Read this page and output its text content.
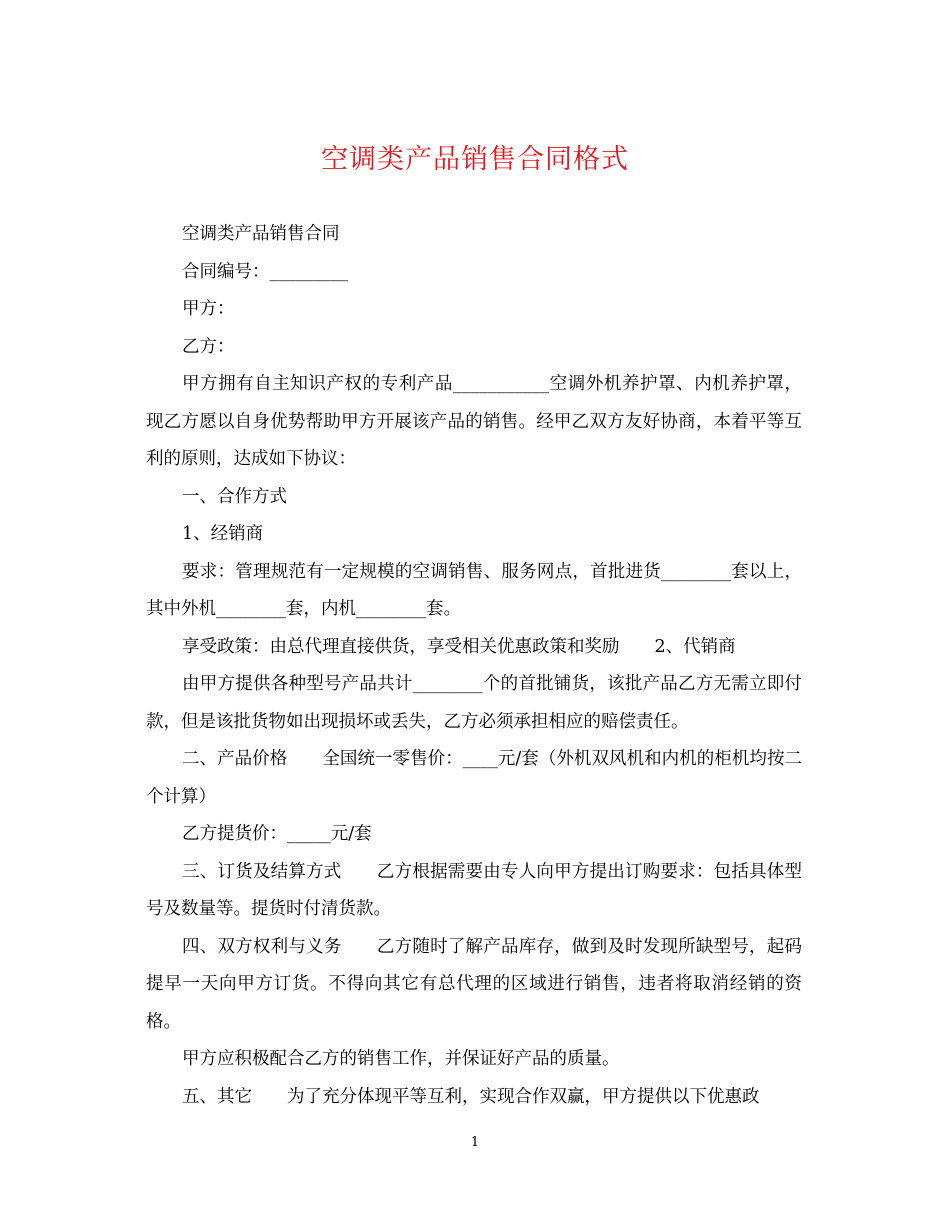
空调类产品销售合同格式

空调类产品销售合同

合同编号：_________

甲方：

乙方：

甲方拥有自主知识产权的专利产品___________空调外机养护罩、内机养护罩，现乙方愿以自身优势帮助甲方开展该产品的销售。经甲乙双方友好协商，本着平等互利的原则，达成如下协议：

一、合作方式

1、经销商

要求：管理规范有一定规模的空调销售、服务网点，首批进货________套以上，其中外机________套，内机________套。

享受政策：由总代理直接供货，享受相关优惠政策和奖励　　2、代销商

由甲方提供各种型号产品共计________个的首批铺货，该批产品乙方无需立即付款，但是该批货物如出现损坏或丢失，乙方必须承担相应的赔偿责任。

二、产品价格　　全国统一零售价：____元/套（外机双风机和内机的柜机均按二个计算）

乙方提货价：_____元/套

三、订货及结算方式　　乙方根据需要由专人向甲方提出订购要求：包括具体型号及数量等。提货时付清货款。

四、双方权利与义务　　乙方随时了解产品库存，做到及时发现所缺型号，起码提早一天向甲方订货。不得向其它有总代理的区域进行销售，违者将取消经销的资格。

甲方应积极配合乙方的销售工作，并保证好产品的质量。

五、其它　　为了充分体现平等互利，实现合作双赢，甲方提供以下优惠政

1
